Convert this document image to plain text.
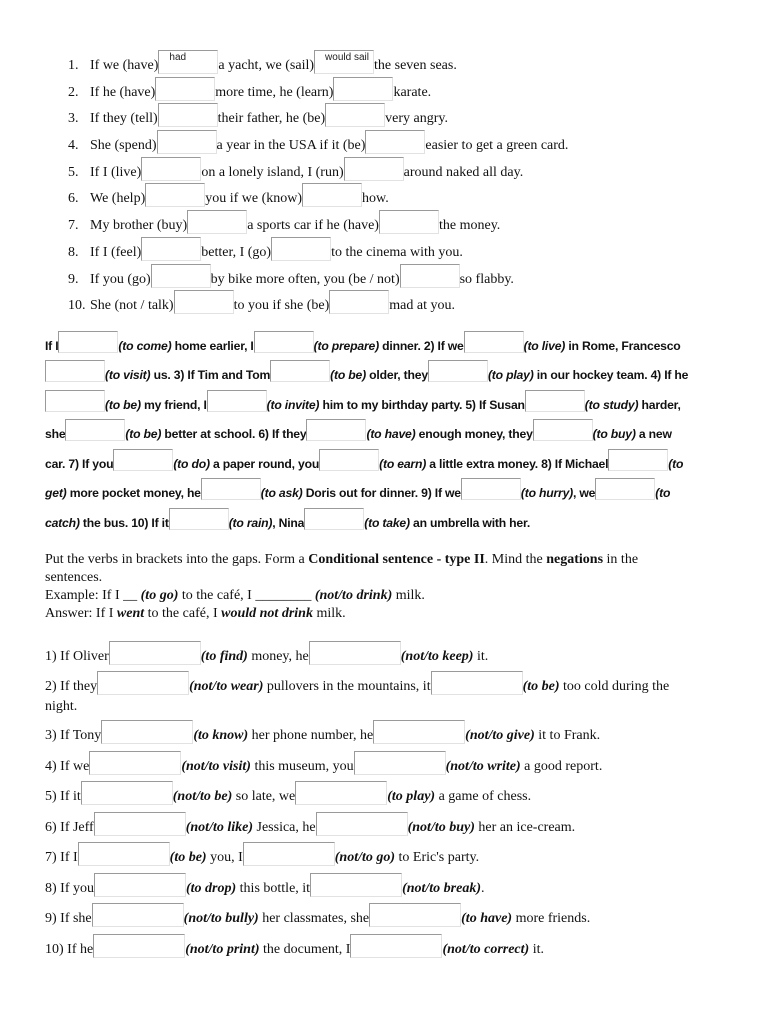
1. If we (have)
had
a yacht, we (sail)
would sail
the seven seas.
2. If he (have)	more time, he (learn)	karate.
3. If they (tell)	their father, he (be)	very angry.
4. She (spend)	a year in the USA if it (be)	easier to get a green card.
5. If I (live)	on a lonely island, I (run)	around naked all day.
6. We (help)	you if we (know)	how.
7. My brother (buy)	a sports car if he (have)	the money.
8. If I (feel)	better, I (go)	to the cinema with you.
9. If you (go)	by bike more often, you (be / not)	so flabby.
10. She (not / talk)	to you if she (be)	mad at you.
If I	(to come) home earlier, I	(to prepare) dinner. 2) If we	(to live) in Rome, Francesco
(to visit) us. 3) If Tim and Tom	(to be) older, they	(to play) in our hockey team. 4) If he
(to be) my friend, I	(to invite) him to my birthday party. 5) If Susan	(to study) harder,
she	(to be) better at school. 6) If they	(to have) enough money, they	(to buy) a new
car. 7) If you	(to do) a paper round, you	(to earn) a little extra money. 8) If Michael	(to
get) more pocket money, he	(to ask) Doris out for dinner. 9) If we	(to hurry), we	(to
catch) the bus. 10) If it	(to rain), Nina	(to take) an umbrella with her.
Put the verbs in brackets into the gaps. Form a Conditional sentence - type II. Mind the negations in the
sentences.
Example: If I __ (to go) to the café, I ________ (not/to drink) milk.
Answer: If I went to the café, I would not drink milk.
1) If Oliver	(to find) money, he	(not/to keep) it.
2) If they	(not/to wear) pullovers in the mountains, it	(to be) too cold during the
3) If Tony	(to know) her phone number, he	(not/to give) it to Frank.
4) If we	(not/to visit) this museum, you	(not/to write) a good report.
5) If it	(not/to be) so late, we	(to play) a game of chess.
6) If Jeff	(not/to like) Jessica, he	(not/to buy) her an ice-cream.
7) If I	(to be) you, I	(not/to go) to Eric's party.
8) If you	(to drop) this bottle, it	(not/to break).
9) If she	(not/to bully) her classmates, she	(to have) more friends.
10) If he	(not/to print) the document, I	(not/to correct) it.
night.
